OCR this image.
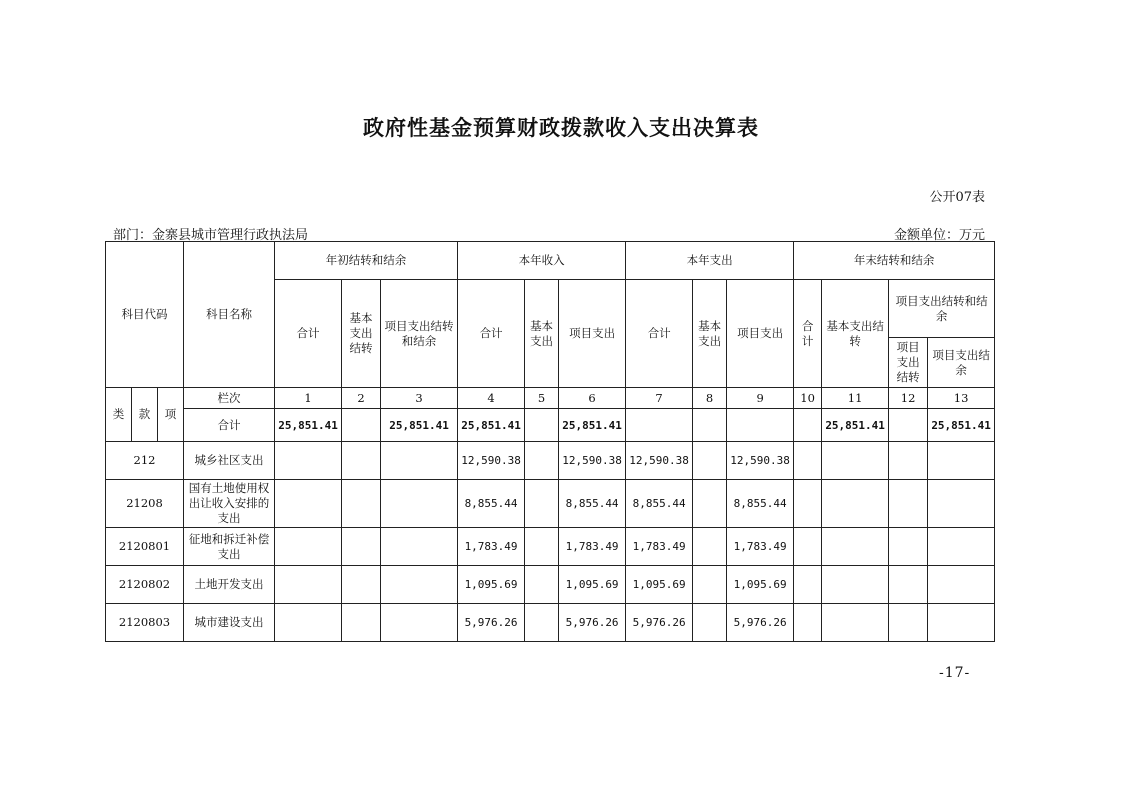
政府性基金预算财政拨款收入支出决算表
公开07表
部门：金寨县城市管理行政执法局	金额单位：万元
科目代码			科目名称	年初结转和结余			本年收入			本年支出			年末结转和结余			
				合计	基本支出结转	项目支出结转和结余	合计	基本支出	项目支出	合计	基本支出	项目支出	合计	基本支出结转	项目支出结转和结余	
															项目支出结转	项目支出结余
类	款	项	栏次	1	2	3	4	5	6	7	8	9	10	11	12	13
			合计	25,851.41		25,851.41	25,851.41		25,851.41					25,851.41		25,851.41
212			城乡社区支出				12,590.38		12,590.38	12,590.38		12,590.38				
21208			国有土地使用权出让收入安排的支出				8,855.44		8,855.44	8,855.44		8,855.44				
2120801			征地和拆迁补偿支出				1,783.49		1,783.49	1,783.49		1,783.49				
2120802			土地开发支出				1,095.69		1,095.69	1,095.69		1,095.69				
2120803			城市建设支出				5,976.26		5,976.26	5,976.26		5,976.26				
-17-
